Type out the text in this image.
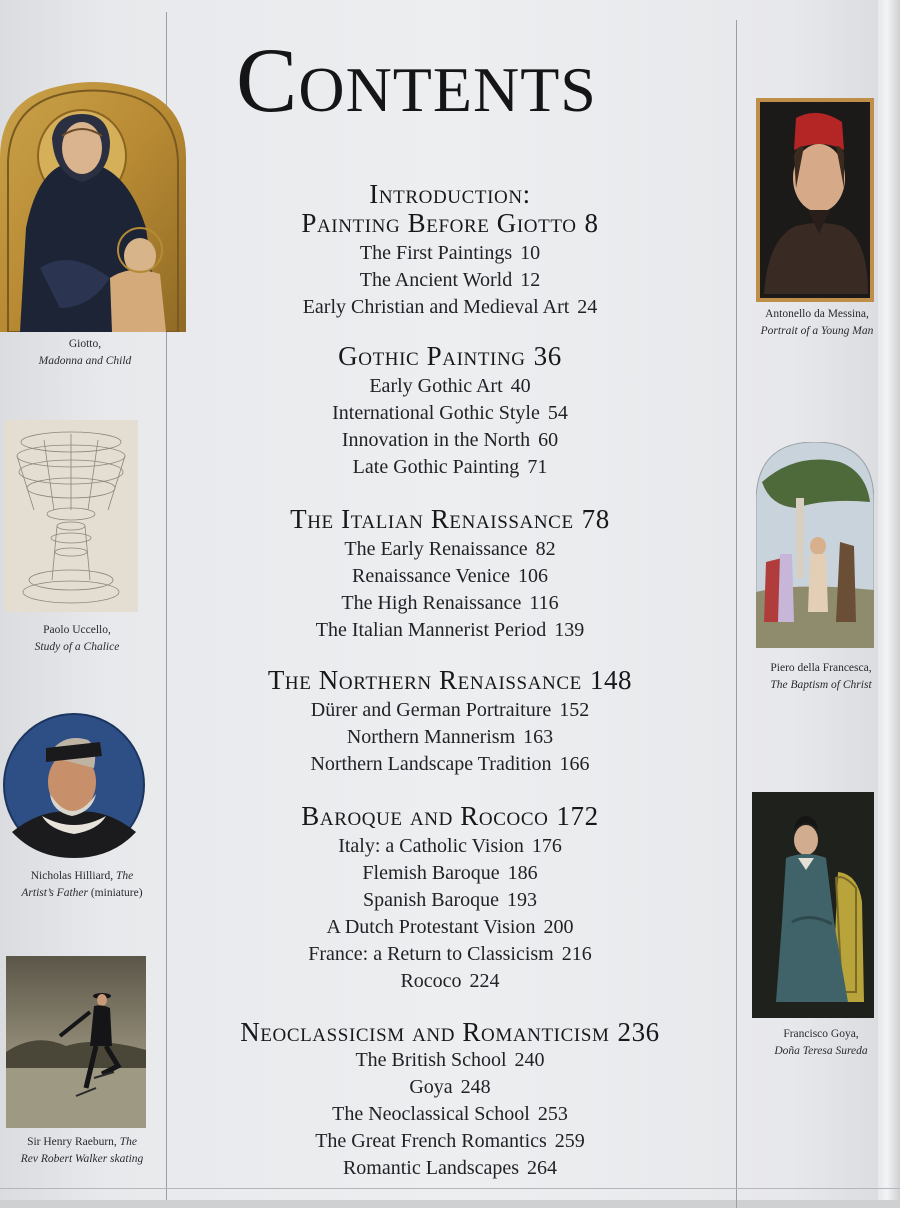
Contents
Introduction:
Painting Before Giotto 8
The First Paintings 10
The Ancient World 12
Early Christian and Medieval Art 24
Gothic Painting 36
Early Gothic Art 40
International Gothic Style 54
Innovation in the North 60
Late Gothic Painting 71
The Italian Renaissance 78
The Early Renaissance 82
Renaissance Venice 106
The High Renaissance 116
The Italian Mannerist Period 139
The Northern Renaissance 148
Dürer and German Portraiture 152
Northern Mannerism 163
Northern Landscape Tradition 166
Baroque and Rococo 172
Italy: a Catholic Vision 176
Flemish Baroque 186
Spanish Baroque 193
A Dutch Protestant Vision 200
France: a Return to Classicism 216
Rococo 224
Neoclassicism and Romanticism 236
The British School 240
Goya 248
The Neoclassical School 253
The Great French Romantics 259
Romantic Landscapes 264
Giotto,
Madonna and Child
Paolo Uccello,
Study of a Chalice
Nicholas Hilliard, The
Artist’s Father (miniature)
Sir Henry Raeburn, The
Rev Robert Walker skating
Antonello da Messina,
Portrait of a Young Man
Piero della Francesca,
The Baptism of Christ
Francisco Goya,
Doña Teresa Sureda
